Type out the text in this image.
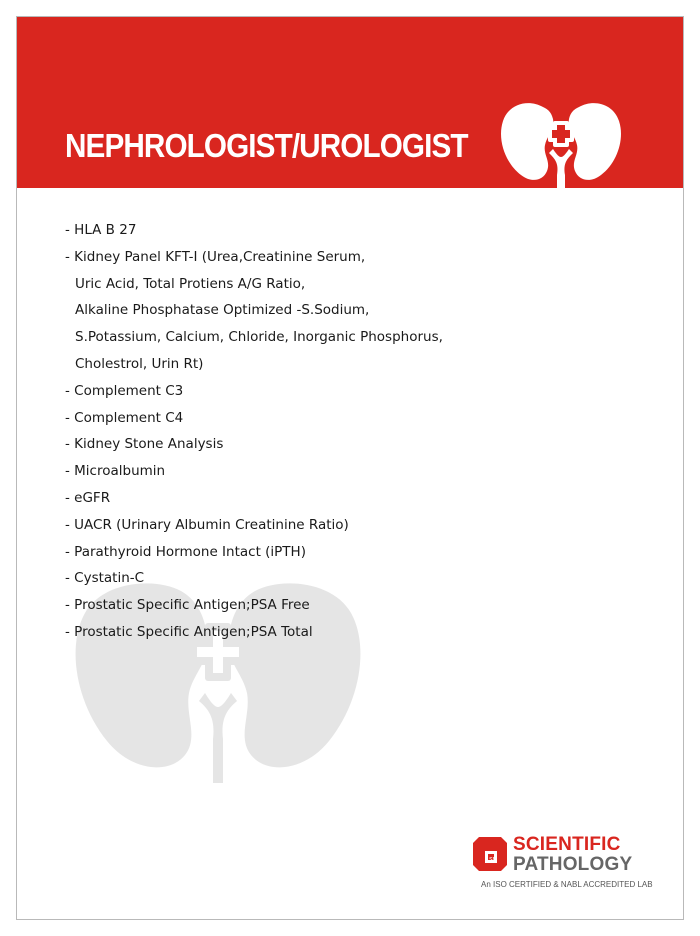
NEPHROLOGIST/UROLOGIST
- HLA B 27
- Kidney Panel KFT-I (Urea,Creatinine Serum,
Uric Acid, Total Protiens A/G Ratio,
Alkaline Phosphatase Optimized -S.Sodium,
S.Potassium, Calcium, Chloride, Inorganic Phosphorus,
Cholestrol, Urin Rt)
- Complement C3
- Complement C4
- Kidney Stone Analysis
- Microalbumin
- eGFR
- UACR (Urinary Albumin Creatinine Ratio)
- Parathyroid Hormone Intact (iPTH)
- Cystatin-C
- Prostatic Specific Antigen;PSA Free
- Prostatic Specific Antigen;PSA Total
sp
SCIENTIFIC
PATHOLOGY
An ISO CERTIFIED & NABL ACCREDITED LAB
